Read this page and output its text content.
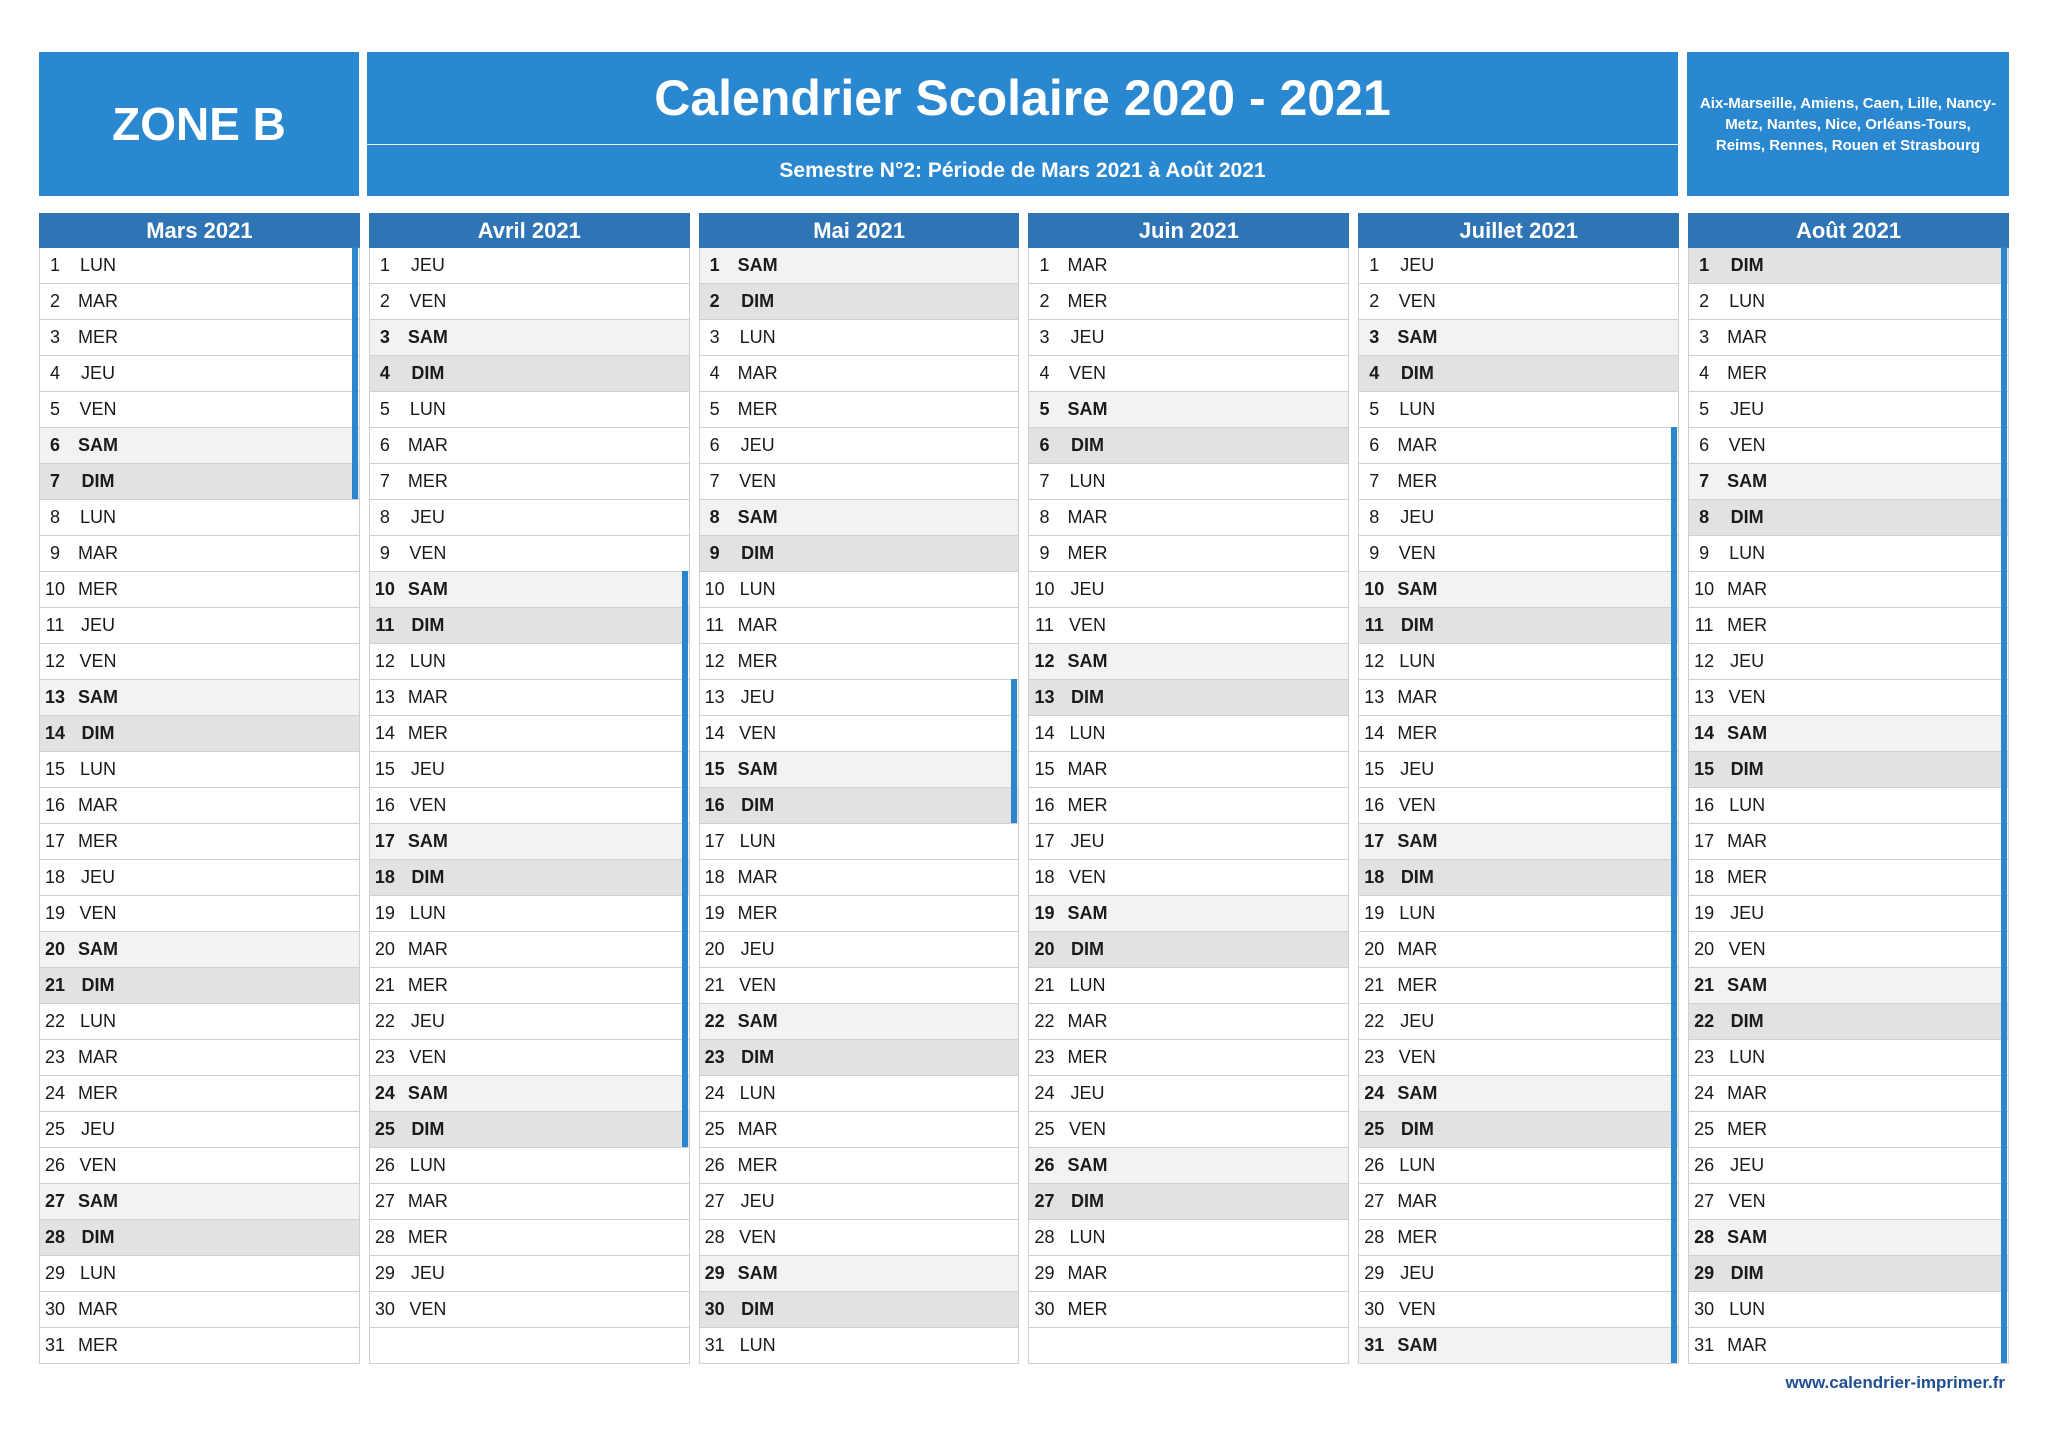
ZONE B	Calendrier Scolaire 2020 - 2021
Semestre N°2: Période de Mars 2021 à Août 2021
Aix-Marseille, Amiens, Caen, Lille, Nancy-Metz, Nantes, Nice, Orléans-Tours, Reims, Rennes, Rouen et Strasbourg
Mars 2021
1	LUN
2	MAR
3	MER
4	JEU
5	VEN
6	SAM
7	DIM
8	LUN
9	MAR
10 MER
11 JEU
12 VEN
13 SAM
14 DIM
15 LUN
16 MAR
17 MER
18 JEU
19 VEN
20 SAM
21 DIM
22 LUN
23 MAR
24 MER
25 JEU
26 VEN
27 SAM
28 DIM
29 LUN
30 MAR
31 MER
Avril 2021
1	JEU
2	VEN
3	SAM
4	DIM
5	LUN
6	MAR
7	MER
8	JEU
9	VEN
10 SAM
11 DIM
12 LUN
13 MAR
14 MER
15 JEU
16 VEN
17 SAM
18 DIM
19 LUN
20 MAR
21 MER
22 JEU
23 VEN
24 SAM
25 DIM
26 LUN
27 MAR
28 MER
29 JEU
30 VEN
Mai 2021
1	SAM
2	DIM
3	LUN
4	MAR
5	MER
6	JEU
7	VEN
8	SAM
9	DIM
10 LUN
11 MAR
12 MER
13 JEU
14 VEN
15 SAM
16 DIM
17 LUN
18 MAR
19 MER
20 JEU
21 VEN
22 SAM
23 DIM
24 LUN
25 MAR
26 MER
27 JEU
28 VEN
29 SAM
30 DIM
31 LUN
Juin 2021
1	MAR
2	MER
3	JEU
4	VEN
5	SAM
6	DIM
7	LUN
8	MAR
9	MER
10 JEU
11 VEN
12 SAM
13 DIM
14 LUN
15 MAR
16 MER
17 JEU
18 VEN
19 SAM
20 DIM
21 LUN
22 MAR
23 MER
24 JEU
25 VEN
26 SAM
27 DIM
28 LUN
29 MAR
30 MER
Juillet 2021
1	JEU
2	VEN
3	SAM
4	DIM
5	LUN
6	MAR
7	MER
8	JEU
9	VEN
10 SAM
11 DIM
12 LUN
13 MAR
14 MER
15 JEU
16 VEN
17 SAM
18 DIM
19 LUN
20 MAR
21 MER
22 JEU
23 VEN
24 SAM
25 DIM
26 LUN
27 MAR
28 MER
29 JEU
30 VEN
31 SAM
Août 2021
1	DIM
2	LUN
3	MAR
4	MER
5	JEU
6	VEN
7	SAM
8	DIM
9	LUN
10 MAR
11 MER
12 JEU
13 VEN
14 SAM
15 DIM
16 LUN
17 MAR
18 MER
19 JEU
20 VEN
21 SAM
22 DIM
23 LUN
24 MAR
25 MER
26 JEU
27 VEN
28 SAM
29 DIM
30 LUN
31 MAR
www.calendrier-imprimer.fr
